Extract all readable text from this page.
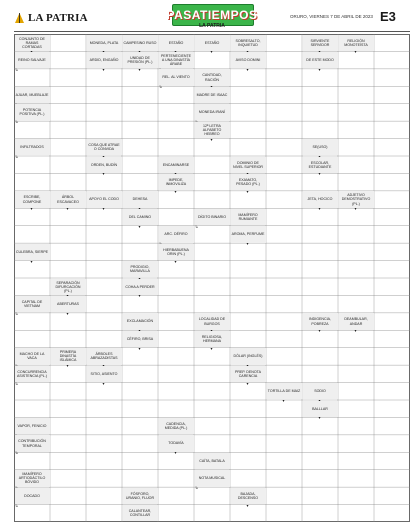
LA PATRIA	PASATIEMPOS
LA PATRIA
ORURO, VIERNES 7 DE ABRIL DE 2023 E3
CONJUNTO DE RAMAS CORTADAS
REINO SALVAJE
↳
MONEDA, PLATA
ARDID, ENGAÑO
▾
CAMPESINO RUSO
UNIDAD DE PRESIÓN (PL.)
▾
ESTAÑO
PERTENECIENTE A UNA DINASTÍA ÁRABE
REL. AL VIENTO
↳
ESTAÑO
▾
SOBRESALTO, INQUIETUD
AVISO DOMINI
▾
SIRVIENTE SERVIDOR
DE ESTE MODO
▾
RELIGIÓN MONOTEÍSTA
▾
AJUAR, MUEBLAJE
POTENCIA POSITIVA (PL.)
↳
CANTIDAD, RACIÓN
MADRE DE ISAAC
MONEDA IRANÍ
12ª LETRA ALFABETO HEBREO
▾
INFILTRADOS
↳
COSA QUE ATRAE O CONVIDA
ORDEN, BUDÍN
▾
ENCAMINARSE
IMPEDE, INMOVILIZA
▾
DOMINIO DE NIVEL SUPERIOR
EXAMATO, PESADO (PL.)
▾
SE(USO)
ESCOLAR, ESTUDIANTE
▾
ESCRIBE, COMPONE
▾
ÁRBOL ESCAVACEO
▾
DEHESA
DEL CAMINO
▾
APOYO EL CODO
▾
DÍGITO BINARIO
↳
MAMÍFERO RUMIANTE
AROMA, PERFUME
▾
JETA, HOCICO
▾
ADJETIVO DEMOSTRATIVO (PL.)
▾
CULEBRA, SIERPE
▾
ARC. DÉFIRO
HIERBABUENA ORIN (PL.)
▾
PRODIGIO, MARAVILLA
COHA A PERDER
▾
CAPITAL DE VIETNAM
↳
SEPARACIÓN DIFURCACIÓN (PL.)
ABERTURAS
▾
EXCLAMACIÓN
CÉFIRO, BRISA
▾
LOCALIDAD DE BURGOS
RELIGIOSA, HERMANA
▾
INDIGENCIA, POBREZA
▾
DEAMBULAR, ANDAR
▾
MACHO DE LA VACA
CONCURRENCIA ASISTENCIA (PL.)
↳
PRIMERA DINASTÍA ISLÁMICA
▾
ÁRBOLES ABRAZADISTAS
SITIO, ASIENTO
▾
DÓLAR (INGLÉS)
PREP. DENOTA CARENCIA
▾
TORTILLA DE MAIZ
▾
SODIO
BALLLAR
▾
VAPOR, FENICIO
CONTRIBUCIÓN TEMPORAL
↳
CADENCIA, MEDIDA (PL.)
TODAVÍA
▾
CAÍTA, BATALA
NOTA MUSICAL
↳
MAMÍFERO ARTIODÁCTILO BÓVIDO
DOCADO
↳
FÓSFORO, URANIO, FLUOR
CALANTEAR, CONTILLAR
BAJADA, DESCENSO
▾
